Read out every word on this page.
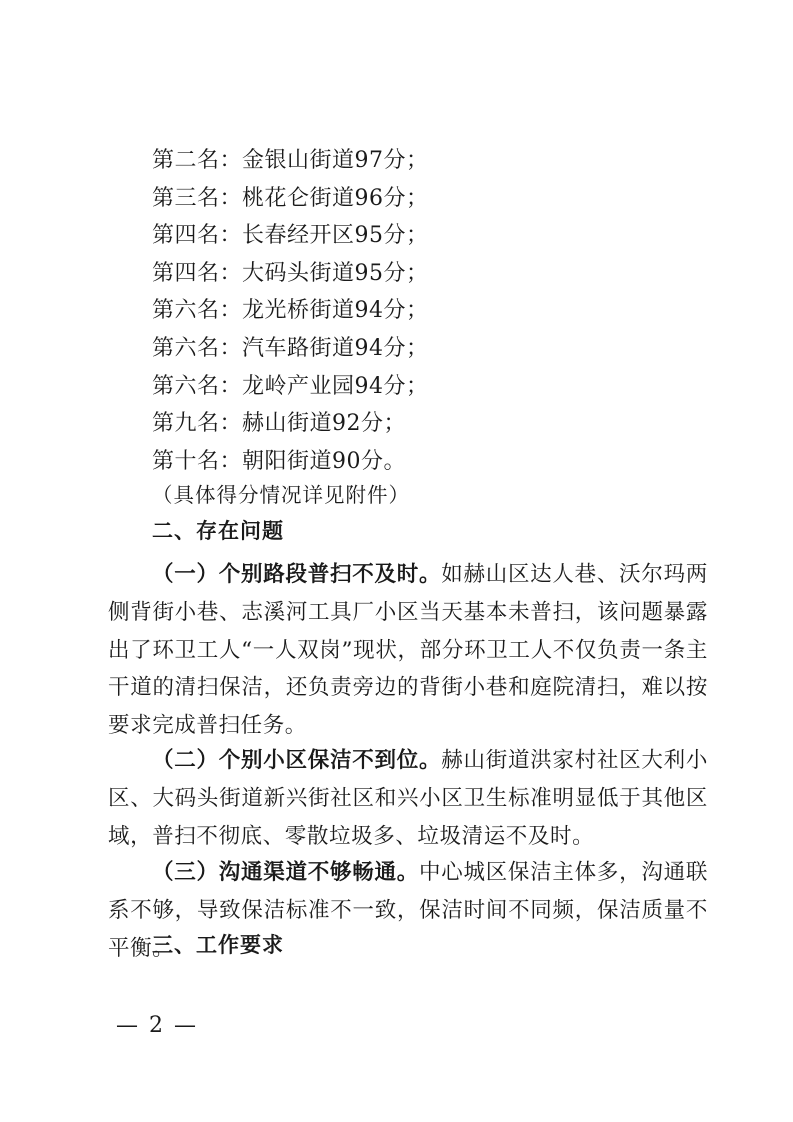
第二名：金银山街道97分；
第三名：桃花仑街道96分；
第四名：长春经开区95分；
第四名：大码头街道95分；
第六名：龙光桥街道94分；
第六名：汽车路街道94分；
第六名：龙岭产业园94分；
第九名：赫山街道92分；
第十名：朝阳街道90分。
（具体得分情况详见附件）
二、存在问题

（一）个别路段普扫不及时。如赫山区达人巷、沃尔玛两侧背街小巷、志溪河工具厂小区当天基本未普扫，该问题暴露出了环卫工人“一人双岗”现状，部分环卫工人不仅负责一条主干道的清扫保洁，还负责旁边的背街小巷和庭院清扫，难以按要求完成普扫任务。

（二）个别小区保洁不到位。赫山街道洪家村社区大利小区、大码头街道新兴街社区和兴小区卫生标准明显低于其他区域，普扫不彻底、零散垃圾多、垃圾清运不及时。

（三）沟通渠道不够畅通。中心城区保洁主体多，沟通联系不够，导致保洁标准不一致，保洁时间不同频，保洁质量不平衡。

三、工作要求
— 2 —
